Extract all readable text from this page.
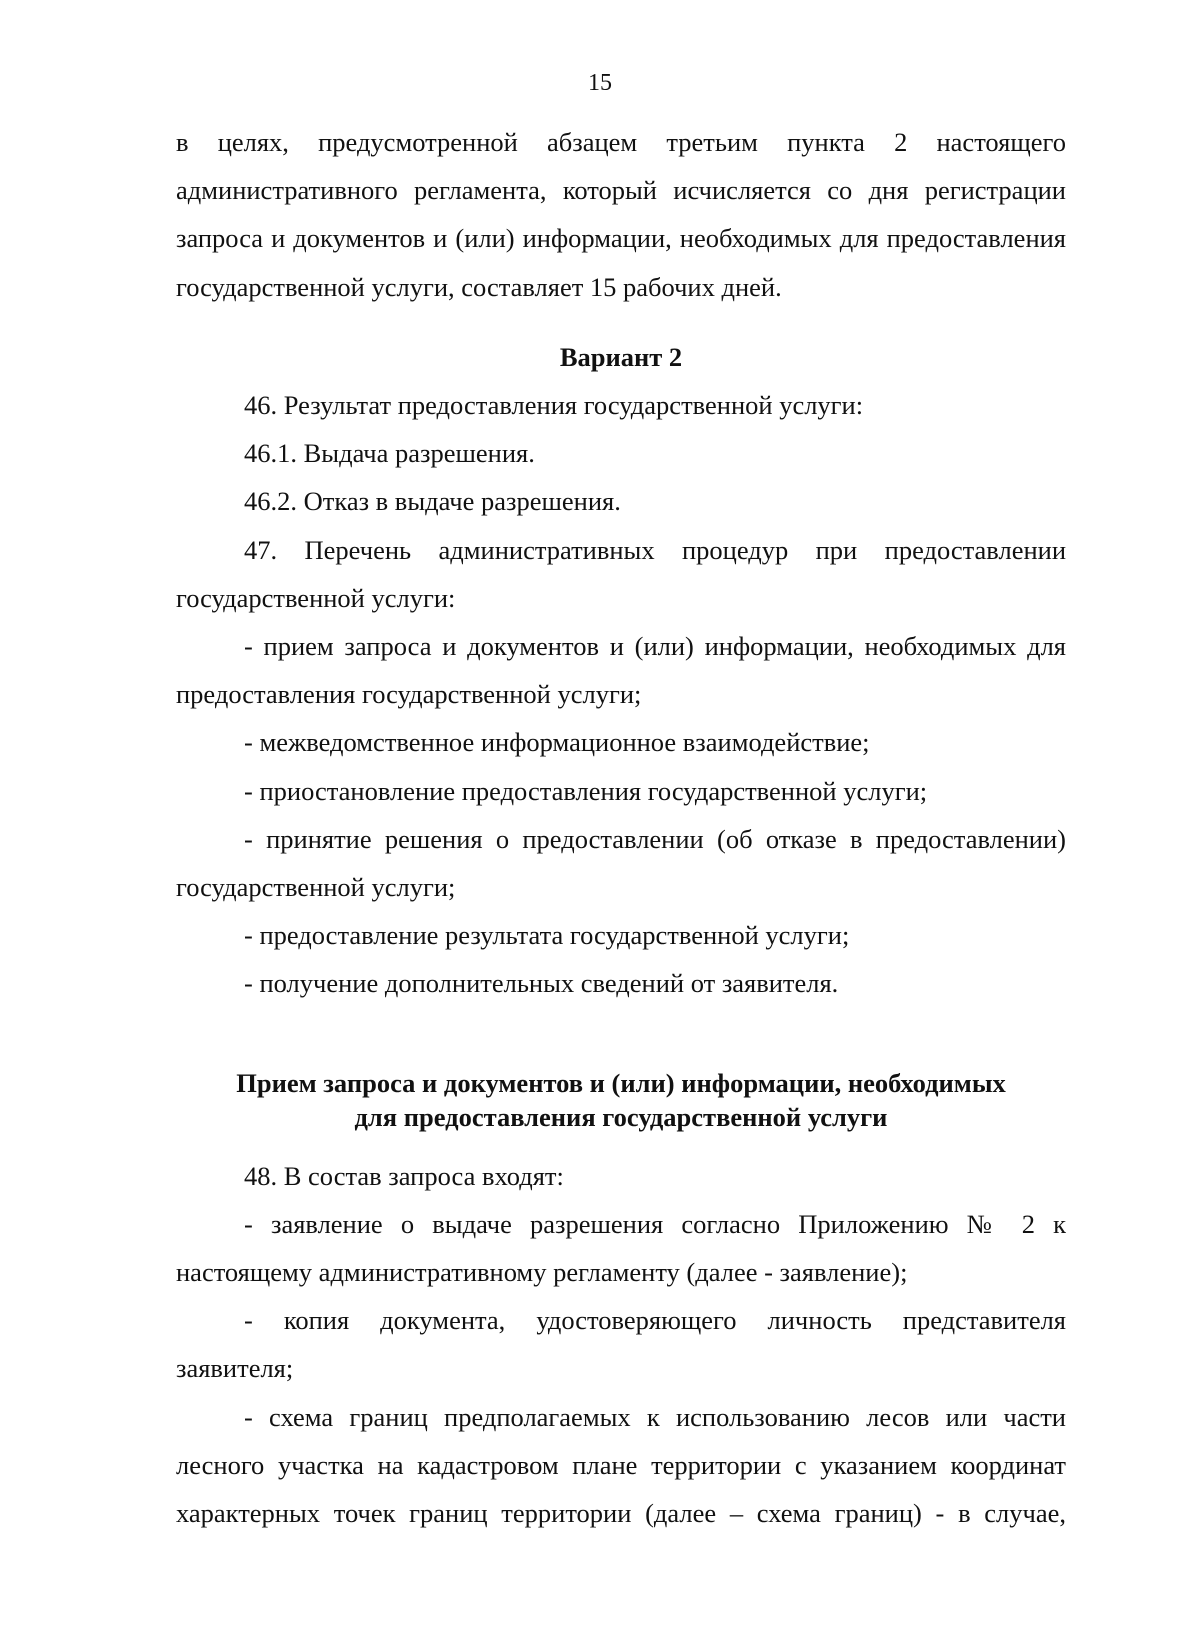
15

в целях, предусмотренной абзацем третьим пункта 2 настоящего административного регламента, который исчисляется со дня регистрации запроса и документов и (или) информации, необходимых для предоставления государственной услуги, составляет 15 рабочих дней.

Вариант 2

46. Результат предоставления государственной услуги:

46.1. Выдача разрешения.

46.2. Отказ в выдаче разрешения.

47. Перечень административных процедур при предоставлении государственной услуги:

- прием запроса и документов и (или) информации, необходимых для предоставления государственной услуги;

- межведомственное информационное взаимодействие;

- приостановление предоставления государственной услуги;

- принятие решения о предоставлении (об отказе в предоставлении) государственной услуги;

- предоставление результата государственной услуги;

- получение дополнительных сведений от заявителя.

Прием запроса и документов и (или) информации, необходимых
для предоставления государственной услуги

48. В состав запроса входят:

- заявление о выдаче разрешения согласно Приложению № 2 к настоящему административному регламенту (далее - заявление);

- копия документа, удостоверяющего личность представителя заявителя;

- схема границ предполагаемых к использованию лесов или части лесного участка на кадастровом плане территории с указанием координат характерных точек границ территории (далее – схема границ) - в случае,
